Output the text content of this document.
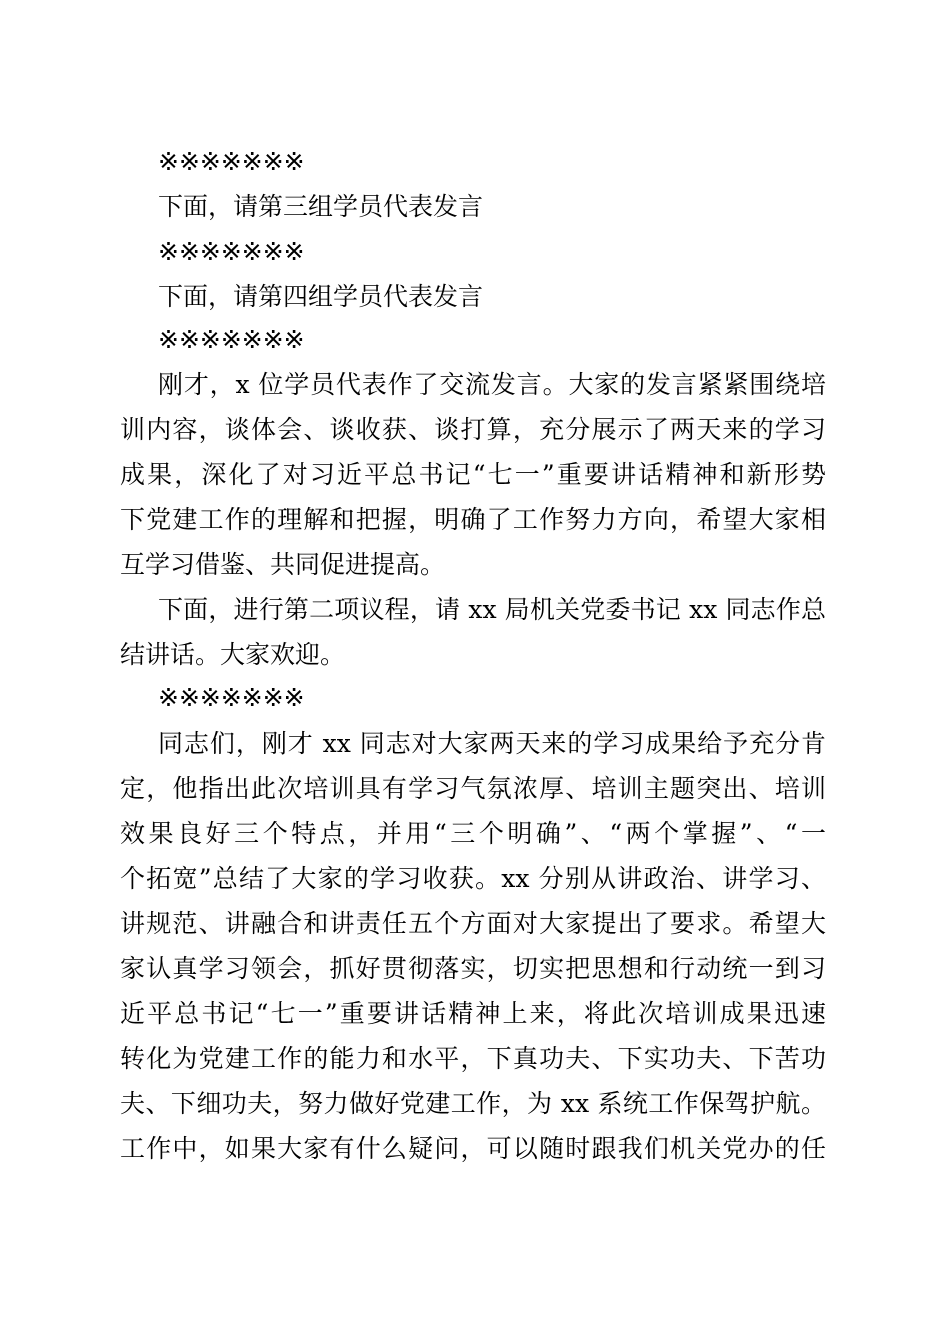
※※※※※※※
下面，请第三组学员代表发言
※※※※※※※
下面，请第四组学员代表发言
※※※※※※※
刚才，x 位学员代表作了交流发言。大家的发言紧紧围绕培
训内容，谈体会、谈收获、谈打算，充分展示了两天来的学习
成果，深化了对习近平总书记“七一”重要讲话精神和新形势
下党建工作的理解和把握，明确了工作努力方向，希望大家相
互学习借鉴、共同促进提高。
下面，进行第二项议程，请 xx 局机关党委书记 xx 同志作总
结讲话。大家欢迎。
※※※※※※※
同志们，刚才 xx 同志对大家两天来的学习成果给予充分肯
定，他指出此次培训具有学习气氛浓厚、培训主题突出、培训
效果良好三个特点，并用“三个明确”、“两个掌握”、“一
个拓宽”总结了大家的学习收获。xx 分别从讲政治、讲学习、
讲规范、讲融合和讲责任五个方面对大家提出了要求。希望大
家认真学习领会，抓好贯彻落实，切实把思想和行动统一到习
近平总书记“七一”重要讲话精神上来，将此次培训成果迅速
转化为党建工作的能力和水平，下真功夫、下实功夫、下苦功
夫、下细功夫，努力做好党建工作，为 xx 系统工作保驾护航。
工作中，如果大家有什么疑问，可以随时跟我们机关党办的任
